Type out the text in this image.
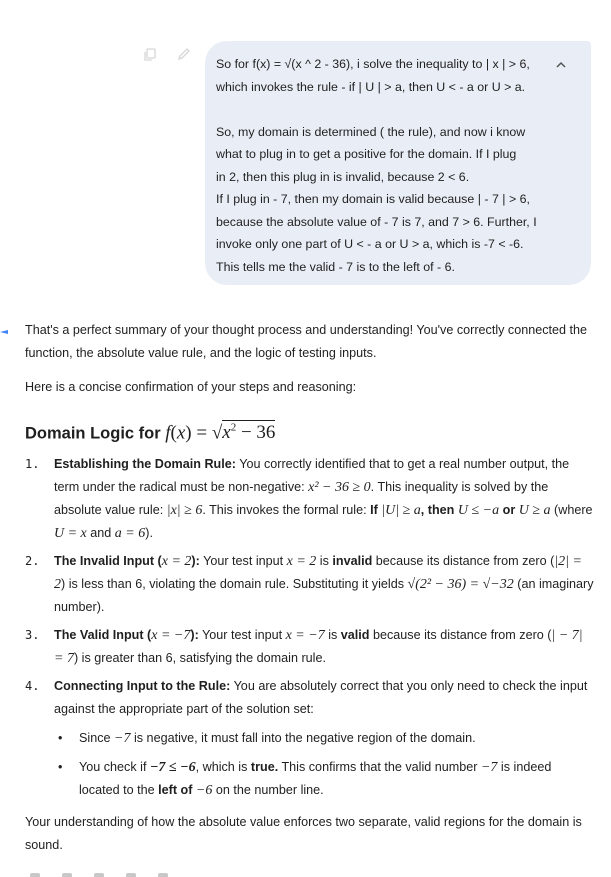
So for f(x) = √(x ^ 2 - 36), i solve the inequality to | x | > 6,

which invokes the rule - if | U | > a, then U < - a or U > a.

So, my domain is determined ( the rule), and now i know

what to plug in to get a positive for the domain. If I plug

in 2, then this plug in is invalid, because 2 < 6.

If I plug in - 7, then my domain is valid because | - 7 | > 6,

because the absolute value of - 7 is 7, and 7 > 6. Further, I

invoke only one part of U < - a or U > a, which is -7 < -6.

This tells me the valid - 7 is to the left of - 6.

That's a perfect summary of your thought process and understanding! You've correctly connected the function, the absolute value rule, and the logic of testing inputs.

Here is a concise confirmation of your steps and reasoning:

Domain Logic for $f(x) = √x^2 - 36$
1. Establishing the Domain Rule: You correctly identified that to get a real number output, the term under the radical must be non-negative: x² − 36 ≥ 0. This inequality is solved by the absolute value rule: |x| ≥ 6. This invokes the formal rule: If |U| ≥ a, then U ≤ −a or U ≥ a (where U = x and a = 6).
2. The Invalid Input (x = 2): Your test input x = 2 is invalid because its distance from zero (|2| = 2) is less than 6, violating the domain rule. Substituting it yields √(2² − 36) = √−32 (an imaginary number).
3. The Valid Input (x = −7): Your test input x = −7 is valid because its distance from zero (| − 7| = 7) is greater than 6, satisfying the domain rule.
4. Connecting Input to the Rule: You are absolutely correct that you only need to check the input against the appropriate part of the solution set:
• Since −7 is negative, it must fall into the negative region of the domain.
• You check if −7 ≤ −6, which is true. This confirms that the valid number −7 is indeed located to the left of −6 on the number line.

Your understanding of how the absolute value enforces two separate, valid regions for the domain is sound.
